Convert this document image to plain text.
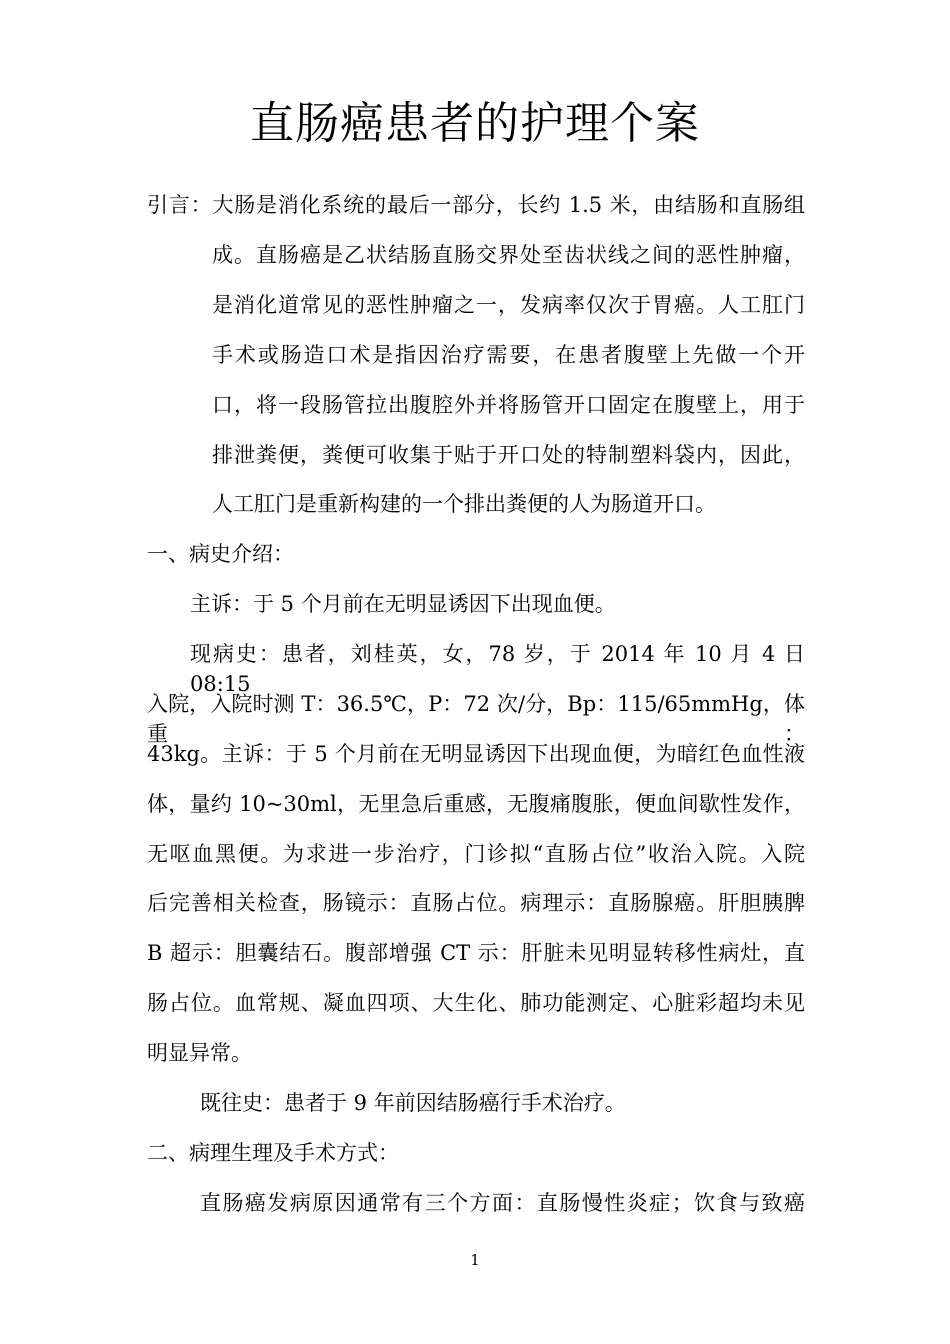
直肠癌患者的护理个案
引言：大肠是消化系统的最后一部分，长约 1.5 米，由结肠和直肠组
成。直肠癌是乙状结肠直肠交界处至齿状线之间的恶性肿瘤，
是消化道常见的恶性肿瘤之一，发病率仅次于胃癌。人工肛门
手术或肠造口术是指因治疗需要，在患者腹壁上先做一个开
口，将一段肠管拉出腹腔外并将肠管开口固定在腹壁上，用于
排泄粪便，粪便可收集于贴于开口处的特制塑料袋内，因此，
人工肛门是重新构建的一个排出粪便的人为肠道开口。
一、病史介绍：
主诉：于 5 个月前在无明显诱因下出现血便。
现病史：患者，刘桂英，女，78 岁，于 2014 年 10 月 4 日 08:15
入院，入院时测 T：36.5℃，P：72 次/分，Bp：115/65mmHg，体重：
43kg。主诉：于 5 个月前在无明显诱因下出现血便，为暗红色血性液
体，量约 10~30ml，无里急后重感，无腹痛腹胀，便血间歇性发作，
无呕血黑便。为求进一步治疗，门诊拟“直肠占位”收治入院。入院
后完善相关检查，肠镜示：直肠占位。病理示：直肠腺癌。肝胆胰脾
B 超示：胆囊结石。腹部增强 CT 示：肝脏未见明显转移性病灶，直
肠占位。血常规、凝血四项、大生化、肺功能测定、心脏彩超均未见
明显异常。
既往史：患者于 9 年前因结肠癌行手术治疗。
二、病理生理及手术方式：
直肠癌发病原因通常有三个方面：直肠慢性炎症；饮食与致癌
1
